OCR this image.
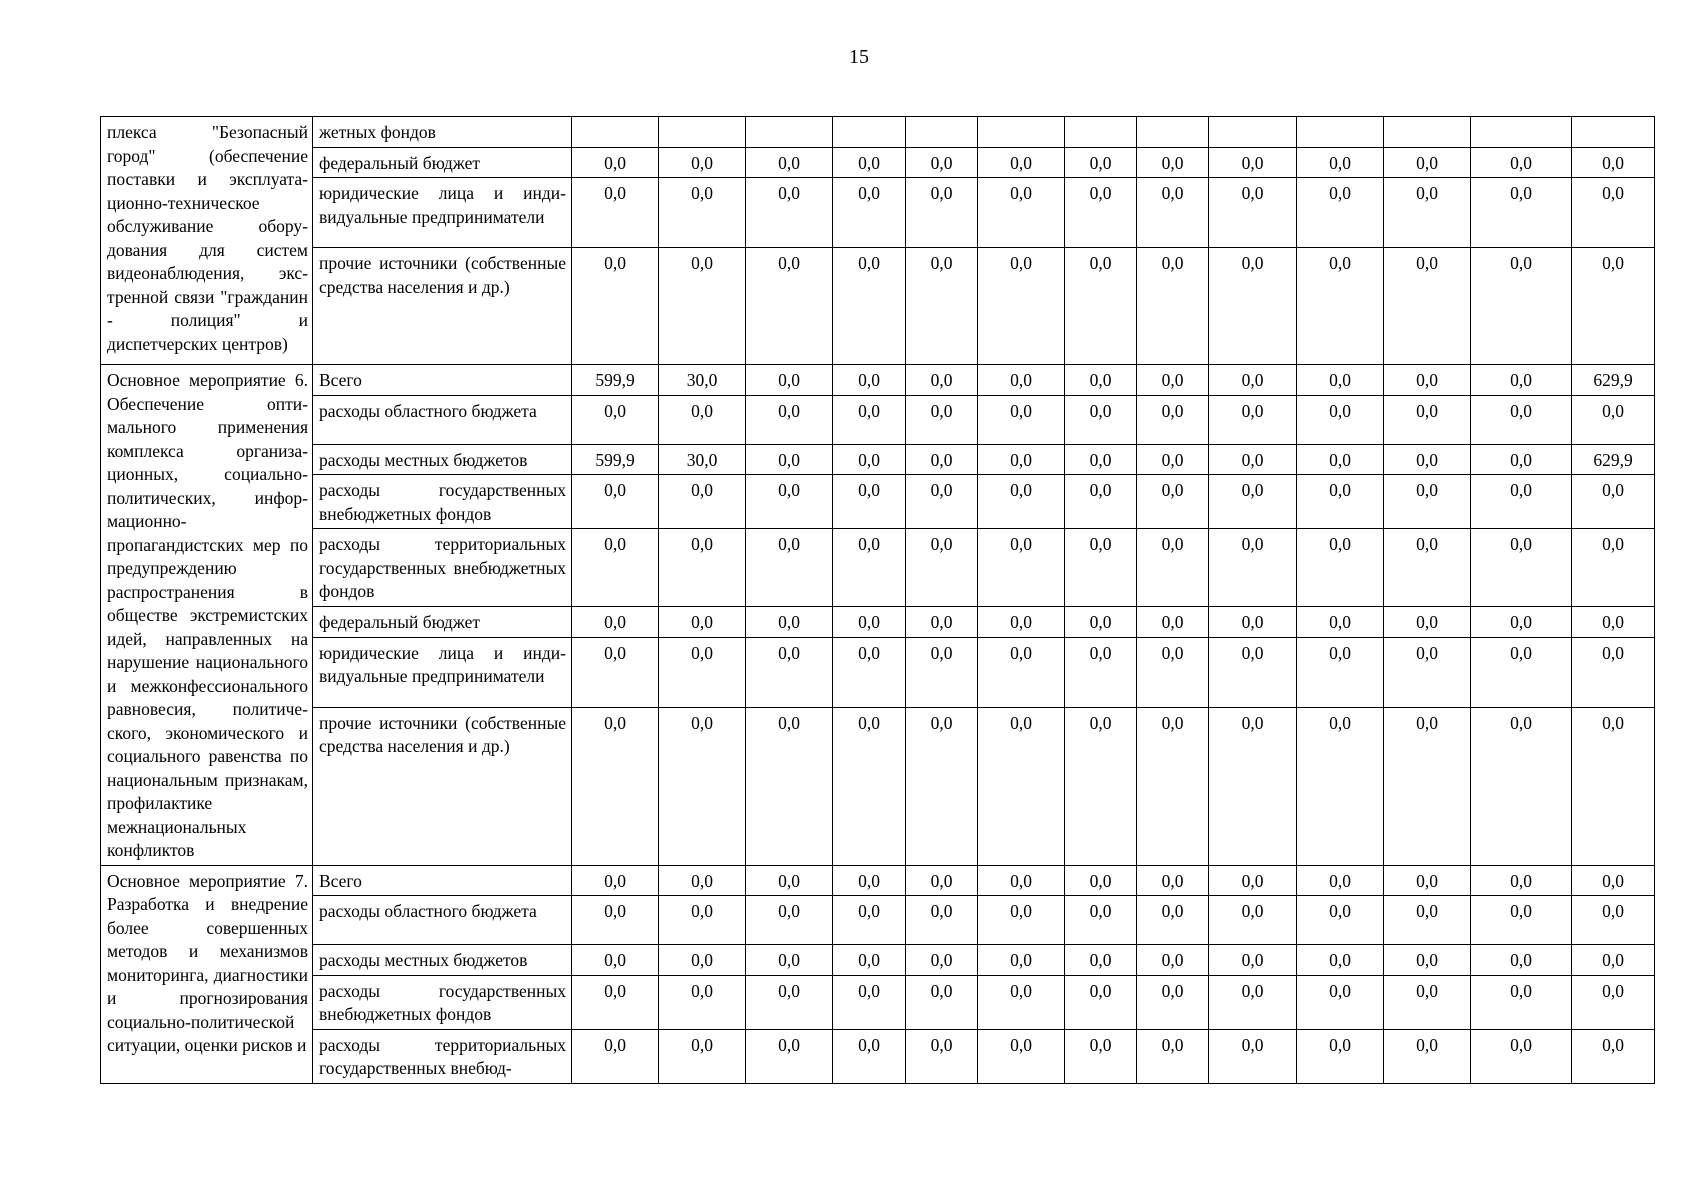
15
плекса "Безопасный город" (обеспечение поставки и эксплуатационно-техническое обслуживание оборудования для систем видеонаблюдения, экстренной связи "гражданин - полиция" и диспетчерских центров)	жетных фондов													
	федеральный бюджет	0,0	0,0	0,0	0,0	0,0	0,0	0,0	0,0	0,0	0,0	0,0	0,0	0,0
	юридические лица и индивидуальные предприниматели	0,0	0,0	0,0	0,0	0,0	0,0	0,0	0,0	0,0	0,0	0,0	0,0	0,0
	прочие источники (собственные средства населения и др.)	0,0	0,0	0,0	0,0	0,0	0,0	0,0	0,0	0,0	0,0	0,0	0,0	0,0
Основное мероприятие 6. Обеспечение оптимального применения комплекса организационных, социально-политических, информационно-пропагандистских мер по предупреждению распространения в обществе экстремистских идей, направленных на нарушение национального и межконфессионального равновесия, политического, экономического и социального равенства по национальным признакам, профилактике межнациональных конфликтов	Всего	599,9	30,0	0,0	0,0	0,0	0,0	0,0	0,0	0,0	0,0	0,0	0,0	629,9
	расходы областного бюджета	0,0	0,0	0,0	0,0	0,0	0,0	0,0	0,0	0,0	0,0	0,0	0,0	0,0
	расходы местных бюджетов	599,9	30,0	0,0	0,0	0,0	0,0	0,0	0,0	0,0	0,0	0,0	0,0	629,9
	расходы государственных внебюджетных фондов	0,0	0,0	0,0	0,0	0,0	0,0	0,0	0,0	0,0	0,0	0,0	0,0	0,0
	расходы территориальных государственных внебюджетных фондов	0,0	0,0	0,0	0,0	0,0	0,0	0,0	0,0	0,0	0,0	0,0	0,0	0,0
	федеральный бюджет	0,0	0,0	0,0	0,0	0,0	0,0	0,0	0,0	0,0	0,0	0,0	0,0	0,0
	юридические лица и индивидуальные предприниматели	0,0	0,0	0,0	0,0	0,0	0,0	0,0	0,0	0,0	0,0	0,0	0,0	0,0
	прочие источники (собственные средства населения и др.)	0,0	0,0	0,0	0,0	0,0	0,0	0,0	0,0	0,0	0,0	0,0	0,0	0,0
Основное мероприятие 7. Разработка и внедрение более совершенных методов и механизмов мониторинга, диагностики и прогнозирования социально-политической ситуации, оценки рисков и	Всего	0,0	0,0	0,0	0,0	0,0	0,0	0,0	0,0	0,0	0,0	0,0	0,0	0,0
	расходы областного бюджета	0,0	0,0	0,0	0,0	0,0	0,0	0,0	0,0	0,0	0,0	0,0	0,0	0,0
	расходы местных бюджетов	0,0	0,0	0,0	0,0	0,0	0,0	0,0	0,0	0,0	0,0	0,0	0,0	0,0
	расходы государственных внебюджетных фондов	0,0	0,0	0,0	0,0	0,0	0,0	0,0	0,0	0,0	0,0	0,0	0,0	0,0
	расходы территориальных государственных внебюд-	0,0	0,0	0,0	0,0	0,0	0,0	0,0	0,0	0,0	0,0	0,0	0,0	0,0
